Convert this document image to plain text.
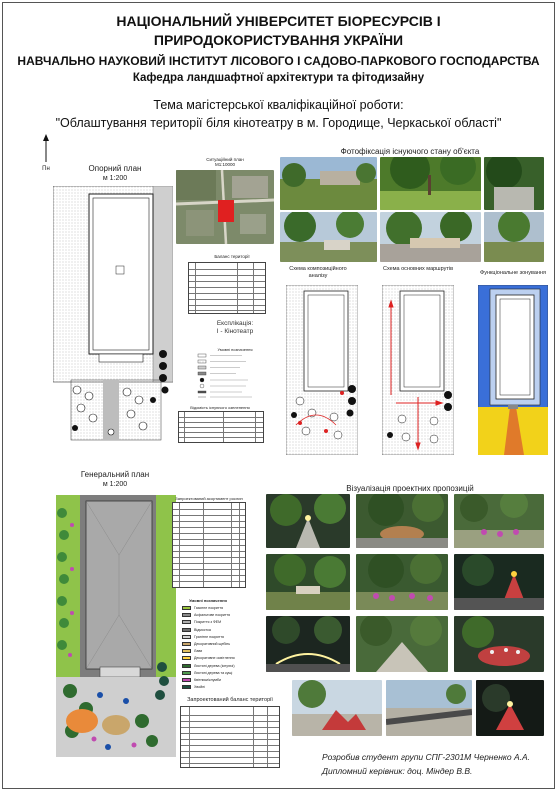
НАЦІОНАЛЬНИЙ УНІВЕРСИТЕТ БІОРЕСУРСІВ І
ПРИРОДОКОРИСТУВАННЯ УКРАЇНИ
НАВЧАЛЬНО НАУКОВИЙ ІНСТИТУТ ЛІСОВОГО І САДОВО-ПАРКОВОГО ГОСПОДАРСТВА
Кафедра ландшафтної архітектури та фітодизайну
Тема магістерської кваліфікаційної роботи:
"Облаштування території біля кінотеатру в м. Городище, Черкаської області"
Пн	Опорний план
м 1:200
Ситуаційний план
М1:10000
Баланс території
Експлікація:
І - Кінотеатр
Умовні позначення
Відомість існуючого озеленення
Фотофіксація існуючого стану об'єкта
Схема композиційного аналізу
Схема основних маршрутів
Функціональне зонування
Генеральний план
м 1:200
Запроектований асортимент рослин
Умовні позначення
Газонне покриття
Асфальтове покриття
Покриття з ФЕМ
Відмостка
Гранітне покриття
Декоративний щебінь
Лави
Декоративне освітлення
Листяні дерева (існуючі)
Листяні дерева та кущі
Квітники/клумби
Хвойні
Запроектований баланс території
Візуалізація проектних пропозицій
Розробив студент групи СПГ-2301М Черненко А.А.
Дипломний керівник: доц. Міндер В.В.
